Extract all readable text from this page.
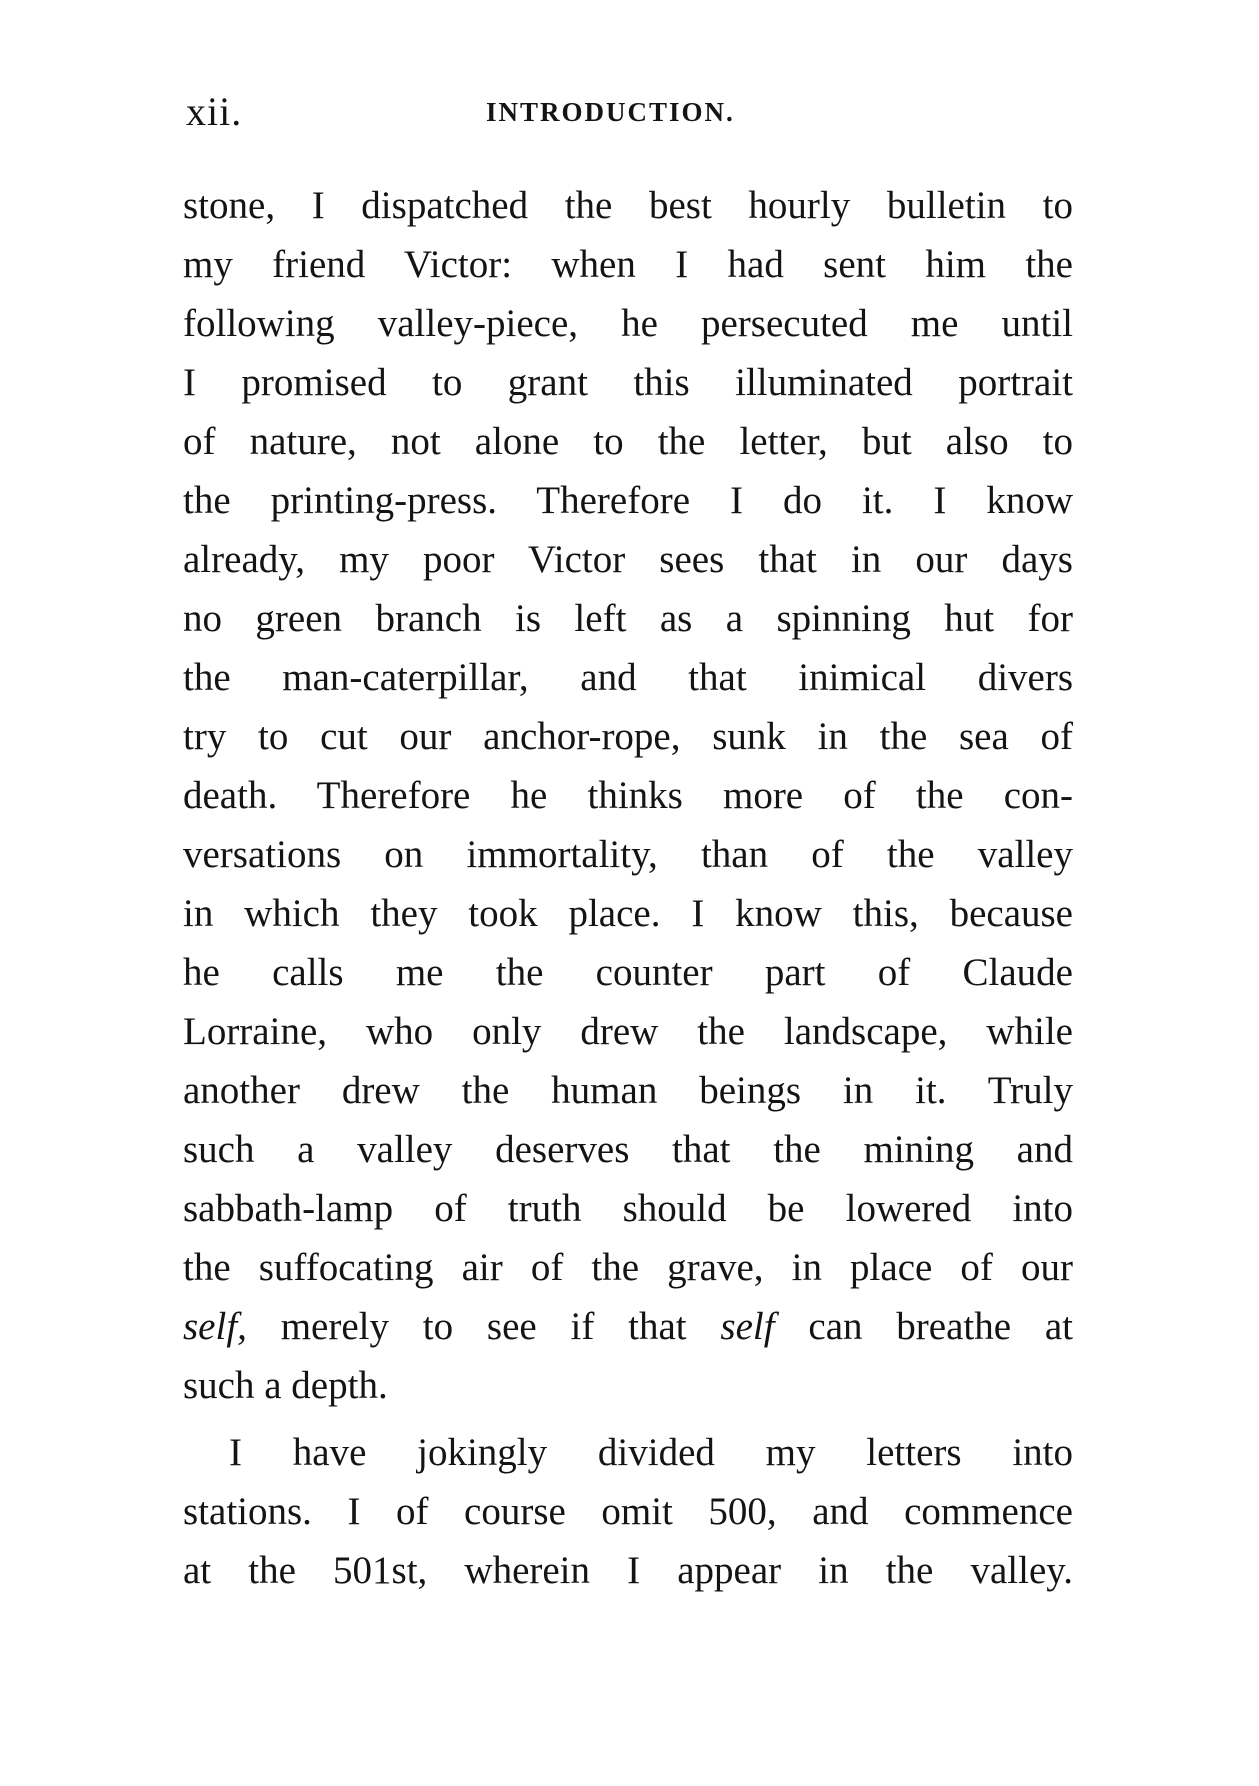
xii.	INTRODUCTION.
stone, I dispatched the best hourly bulletin to
my friend Victor: when I had sent him the
following valley-piece, he persecuted me until
I promised to grant this illuminated portrait
of nature, not alone to the letter, but also to
the printing-press. Therefore I do it. I know
already, my poor Victor sees that in our days
no green branch is left as a spinning hut for
the man-caterpillar, and that inimical divers
try to cut our anchor-rope, sunk in the sea of
death. Therefore he thinks more of the con-
versations on immortality, than of the valley
in which they took place. I know this, because
he calls me the counter part of Claude
Lorraine, who only drew the landscape, while
another drew the human beings in it. Truly
such a valley deserves that the mining and
sabbath-lamp of truth should be lowered into
the suffocating air of the grave, in place of our
self, merely to see if that self can breathe at
such a depth.
I have jokingly divided my letters into
stations. I of course omit 500, and commence
at the 501st, wherein I appear in the valley.
